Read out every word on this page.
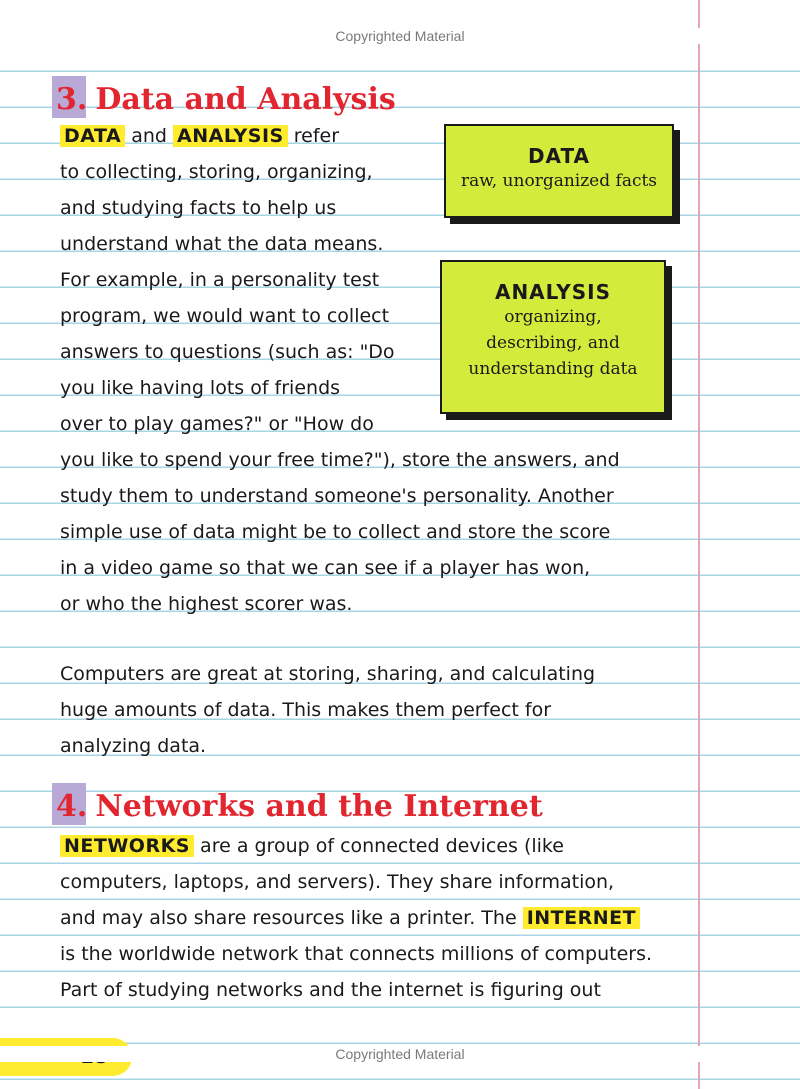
Copyrighted Material
3. Data and Analysis
DATA and ANALYSIS refer
to collecting, storing, organizing,
and studying facts to help us
understand what the data means.
For example, in a personality test
program, we would want to collect
answers to questions (such as: "Do
you like having lots of friends
over to play games?" or "How do
you like to spend your free time?"), store the answers, and
study them to understand someone's personality. Another
simple use of data might be to collect and store the score
in a video game so that we can see if a player has won,
or who the highest scorer was.
Computers are great at storing, sharing, and calculating
huge amounts of data. This makes them perfect for
analyzing data.
DATA
raw, unorganized facts
ANALYSIS
organizing,
describing, and
understanding data
4. Networks and the Internet
NETWORKS are a group of connected devices (like
computers, laptops, and servers). They share information,
and may also share resources like a printer. The INTERNET
is the worldwide network that connects millions of computers.
Part of studying networks and the internet is figuring out
Copyrighted Material
